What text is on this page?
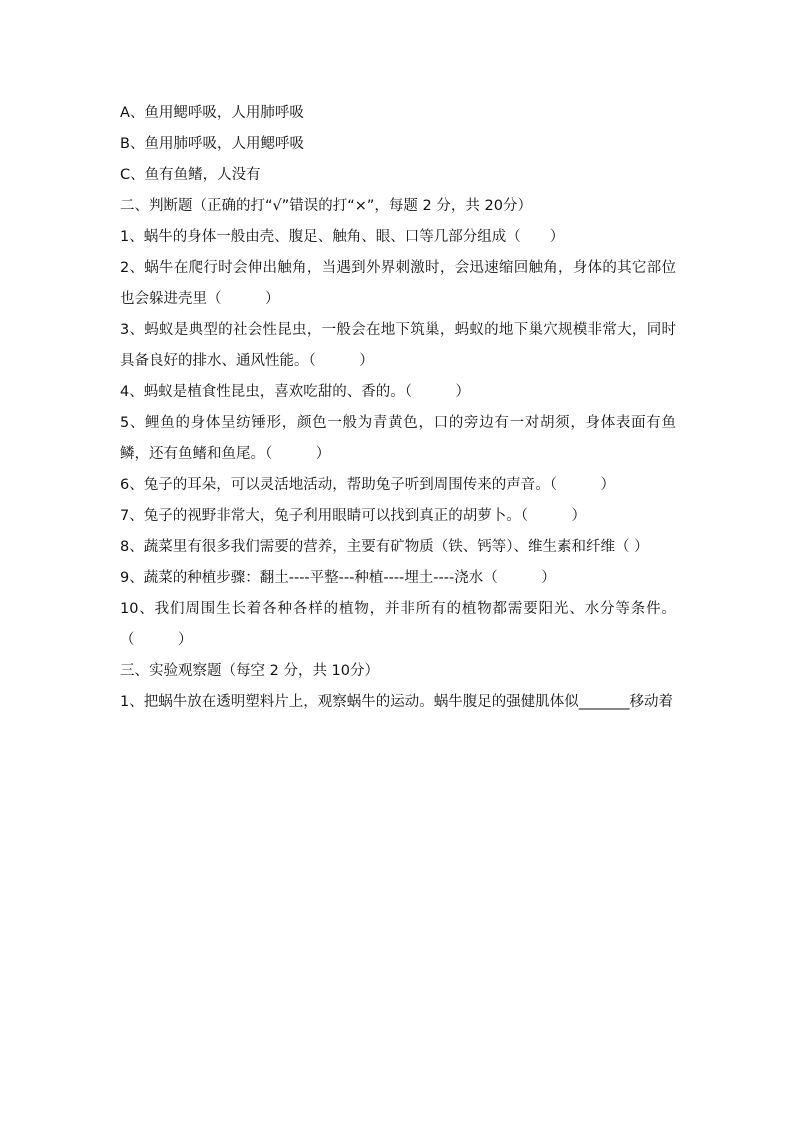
A、鱼用鳃呼吸，人用肺呼吸
B、鱼用肺呼吸，人用鳃呼吸
C、鱼有鱼鳍，人没有
二、判断题（正确的打“√”错误的打“×”，每题 2 分，共 20分）
1、蜗牛的身体一般由壳、腹足、触角、眼、口等几部分组成（　　）
2、蜗牛在爬行时会伸出触角，当遇到外界刺激时，会迅速缩回触角，身体的其它部位也会躲进壳里（　　　）
3、蚂蚁是典型的社会性昆虫，一般会在地下筑巢，蚂蚁的地下巢穴规模非常大，同时具备良好的排水、通风性能。（　　　）
4、蚂蚁是植食性昆虫，喜欢吃甜的、香的。（　　　）
5、鲤鱼的身体呈纺锤形，颜色一般为青黄色，口的旁边有一对胡须，身体表面有鱼鳞，还有鱼鳍和鱼尾。（　　　）
6、兔子的耳朵，可以灵活地活动，帮助兔子听到周围传来的声音。（　　　）
7、兔子的视野非常大，兔子利用眼睛可以找到真正的胡萝卜。（　　　）
8、蔬菜里有很多我们需要的营养，主要有矿物质（铁、钙等）、维生素和纤维（ ）
9、蔬菜的种植步骤：翻土----平整---种植----埋土----浇水（　　　）
10、我们周围生长着各种各样的植物，并非所有的植物都需要阳光、水分等条件。（　　　）
三、实验观察题（每空 2 分，共 10分）
1、把蜗牛放在透明塑料片上，观察蜗牛的运动。蜗牛腹足的强健肌体似_______移动着
